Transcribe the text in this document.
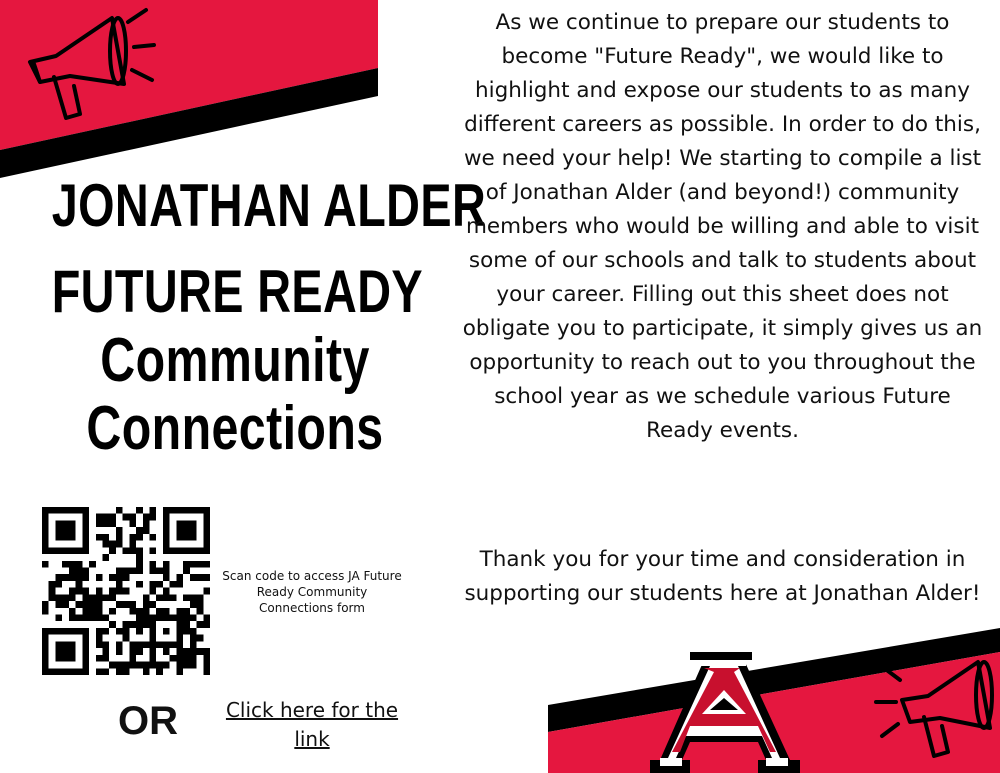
JONATHAN ALDER
FUTURE READY
Community
Connections

As we continue to prepare our students to become "Future Ready", we would like to highlight and expose our students to as many different careers as possible. In order to do this, we need your help! We starting to compile a list of Jonathan Alder (and beyond!) community members who would be willing and able to visit some of our schools and talk to students about your career. Filling out this sheet does not obligate you to participate, it simply gives us an opportunity to reach out to you throughout the school year as we schedule various Future Ready events.

Thank you for your time and consideration in supporting our students here at Jonathan Alder!

Scan code to access JA Future Ready Community Connections form
OR	Click here for the link
